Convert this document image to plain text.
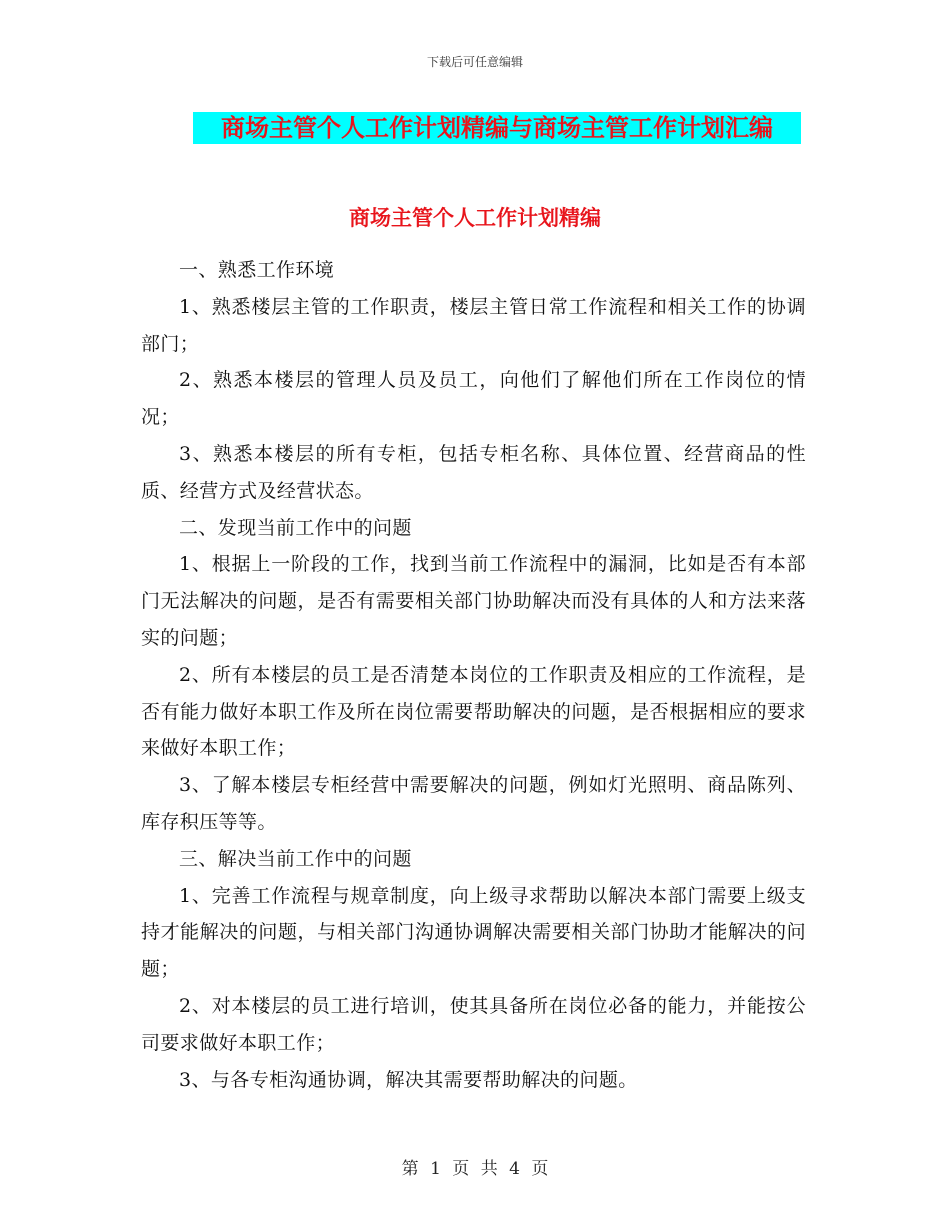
下载后可任意编辑
商场主管个人工作计划精编与商场主管工作计划汇编
商场主管个人工作计划精编

一、熟悉工作环境

1、熟悉楼层主管的工作职责，楼层主管日常工作流程和相关工作的协调部门；

2、熟悉本楼层的管理人员及员工，向他们了解他们所在工作岗位的情况；

3、熟悉本楼层的所有专柜，包括专柜名称、具体位置、经营商品的性质、经营方式及经营状态。

二、发现当前工作中的问题

1、根据上一阶段的工作，找到当前工作流程中的漏洞，比如是否有本部门无法解决的问题，是否有需要相关部门协助解决而没有具体的人和方法来落实的问题；

2、所有本楼层的员工是否清楚本岗位的工作职责及相应的工作流程，是否有能力做好本职工作及所在岗位需要帮助解决的问题，是否根据相应的要求来做好本职工作；

3、了解本楼层专柜经营中需要解决的问题，例如灯光照明、商品陈列、库存积压等等。

三、解决当前工作中的问题

1、完善工作流程与规章制度，向上级寻求帮助以解决本部门需要上级支持才能解决的问题，与相关部门沟通协调解决需要相关部门协助才能解决的问题；

2、对本楼层的员工进行培训，使其具备所在岗位必备的能力，并能按公司要求做好本职工作；

3、与各专柜沟通协调，解决其需要帮助解决的问题。

第 1 页 共 4 页
